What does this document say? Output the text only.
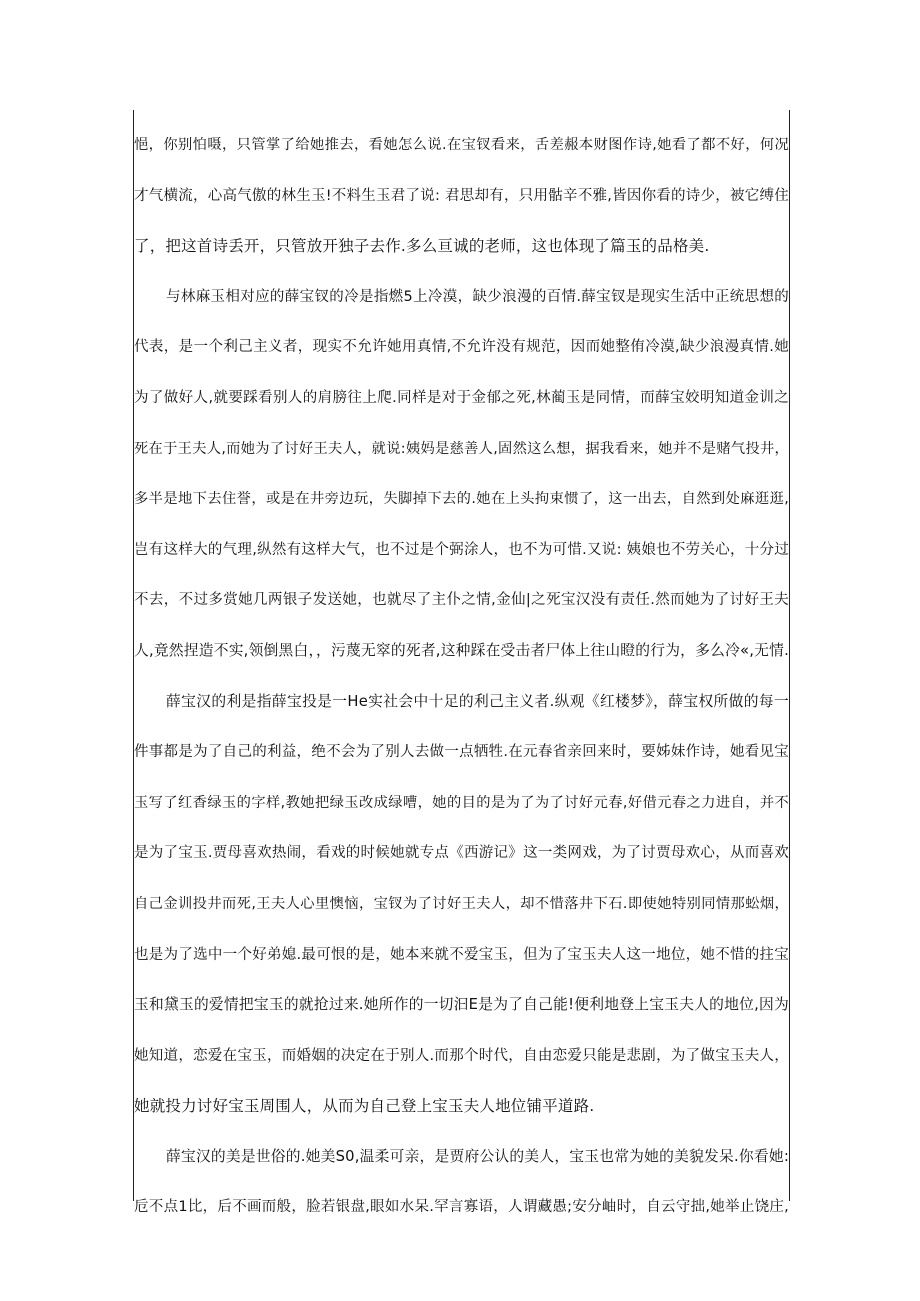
悒，你别怕嗫，只管掌了给她推去，看她怎么说.在宝钗看来，舌差赧本财图作诗,她看了都不好，何况
才气横流，心高气傲的林生玉!不料生玉君了说: 君思却有，只用骷辛不雅,皆因你看的诗少，被它缚住
了，把这首诗丢开，只管放开独子去作.多么亘诚的老师，这也体现了篇玉的品格美.
与林麻玉相对应的薛宝钗的冷是指燃5上冷漠，缺少浪漫的百情.薛宝钗是现实生活中正统思想的
代表，是一个利己主义者，现实不允许她用真情,不允许没有规范，因而她整侑冷漠,缺少浪漫真情.她
为了做好人,就要踩看别人的肩膀往上爬.同样是对于金郁之死,林蔺玉是同情，而薛宝姣明知道金训之
死在于王夫人,而她为了讨好王夫人，就说:姨妈是慈善人,固然这么想，据我看来，她并不是赌气投井，
多半是地下去住誉，或是在井旁边玩，失脚掉下去的.她在上头拘束惯了，这一出去，自然到处麻逛逛,
岂有这样大的气理,纵然有这样大气，也不过是个弼涂人，也不为可惜.又说: 姨娘也不劳关心，十分过
不去，不过多赏她几两银子发送她，也就尽了主仆之情,金仙|之死宝汉没有责任.然而她为了讨好王夫
人,竟然捏造不实,领倒黑白，，污蔑无窣的死者,这种踩在受击者尸体上往山瞪的行为，多么冷«,无情.
薛宝汉的利是指薛宝投是一He实社会中十足的利己主义者.纵观《红楼梦》，薛宝权所做的每一
件事都是为了自己的利益，绝不会为了别人去做一点牺牲.在元春省亲回来时，要姊妹作诗，她看见宝
玉写了红香绿玉的字样,教她把绿玉改成绿嘈，她的目的是为了为了讨好元春,好借元春之力进自，并不
是为了宝玉.贾母喜欢热闹，看戏的时候她就专点《西游记》这一类网戏，为了讨贾母欢心，从而喜欢
自己金训投井而死,王夫人心里懊恼，宝钗为了讨好王夫人，却不惜落井下石.即使她特别同情那蚣烟，
也是为了选中一个好弟媳.最可恨的是，她本来就不爱宝玉，但为了宝玉夫人这一地位，她不惜的拄宝
玉和黛玉的爱情把宝玉的就抢过来.她所作的一切汩E是为了自己能!便利地登上宝玉夫人的地位,因为
她知道，恋爱在宝玉，而婚姻的决定在于别人.而那个时代，自由恋爱只能是悲剧，为了做宝玉夫人，
她就投力讨好宝玉周围人，从而为自己登上宝玉夫人地位铺平道路.
薛宝汉的美是世俗的.她美S0,温柔可亲，是贾府公认的美人，宝玉也常为她的美貌发呆.你看她:
卮不点1比，后不画而般，脸若银盘,眼如水呆.罕言寡语，人谓藏愚;安分岫时，自云守拙,她举止饶庄,
